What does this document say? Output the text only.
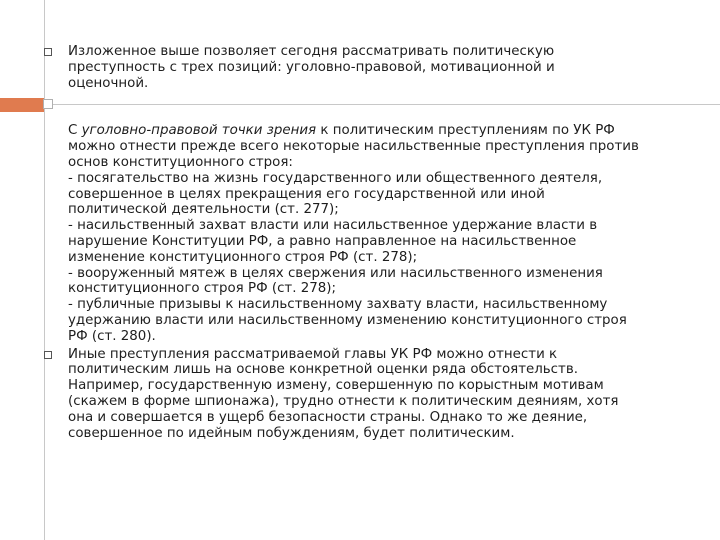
Изложенное выше позволяет сегодня рассматривать политическую
преступность с трех позиций: уголовно-правовой, мотивационной и
оценочной.
С уголовно-правовой точки зрения к политическим преступлениям по УК РФ
можно отнести прежде всего некоторые насильственные преступления против
основ конституционного строя:
- посягательство на жизнь государственного или общественного деятеля,
совершенное в целях прекращения его государственной или иной
политической деятельности (ст. 277);
- насильственный захват власти или насильственное удержание власти в
нарушение Конституции РФ, а равно направленное на насильственное
изменение конституционного строя РФ (ст. 278);
- вооруженный мятеж в целях свержения или насильственного изменения
конституционного строя РФ (ст. 278);
- публичные призывы к насильственному захвату власти, насильственному
удержанию власти или насильственному изменению конституционного строя
РФ (ст. 280).
Иные преступления рассматриваемой главы УК РФ можно отнести к
политическим лишь на основе конкретной оценки ряда обстоятельств.
Например, государственную измену, совершенную по корыстным мотивам
(скажем в форме шпионажа), трудно отнести к политическим деяниям, хотя
она и совершается в ущерб безопасности страны. Однако то же деяние,
совершенное по идейным побуждениям, будет политическим.
